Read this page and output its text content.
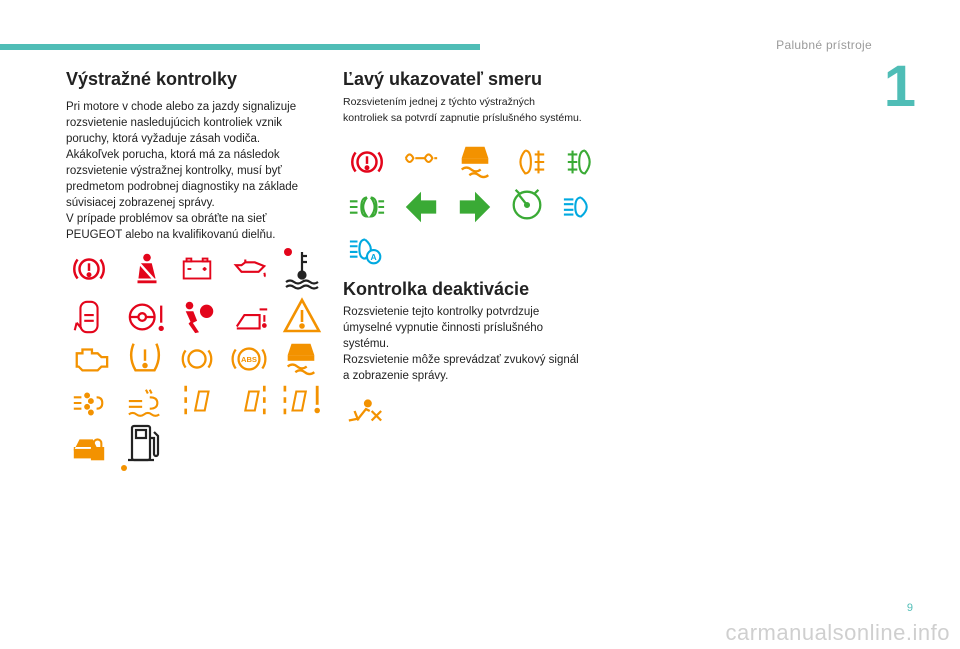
Palubné prístroje
1
Výstražné kontrolky

Pri motore v chode alebo za jazdy signalizuje

rozsvietenie nasledujúcich kontroliek vznik

poruchy, ktorá vyžaduje zásah vodiča.

Akákoľvek porucha, ktorá má za následok

rozsvietenie výstražnej kontrolky, musí byť

predmetom podrobnej diagnostiky na základe

súvisiacej zobrazenej správy.

V prípade problémov sa obráťte na sieť

PEUGEOT alebo na kvalifikovanú dielňu.

ABS
Ľavý ukazovateľ smeru

Rozsvietením jednej z týchto výstražných

kontroliek sa potvrdí zapnutie príslušného systému.

A
Kontrolka deaktivácie

Rozsvietenie tejto kontrolky potvrdzuje

úmyselné vypnutie činnosti príslušného

systému.

Rozsvietenie môže sprevádzať zvukový signál

a zobrazenie správy.

9
carmanualsonline.info
